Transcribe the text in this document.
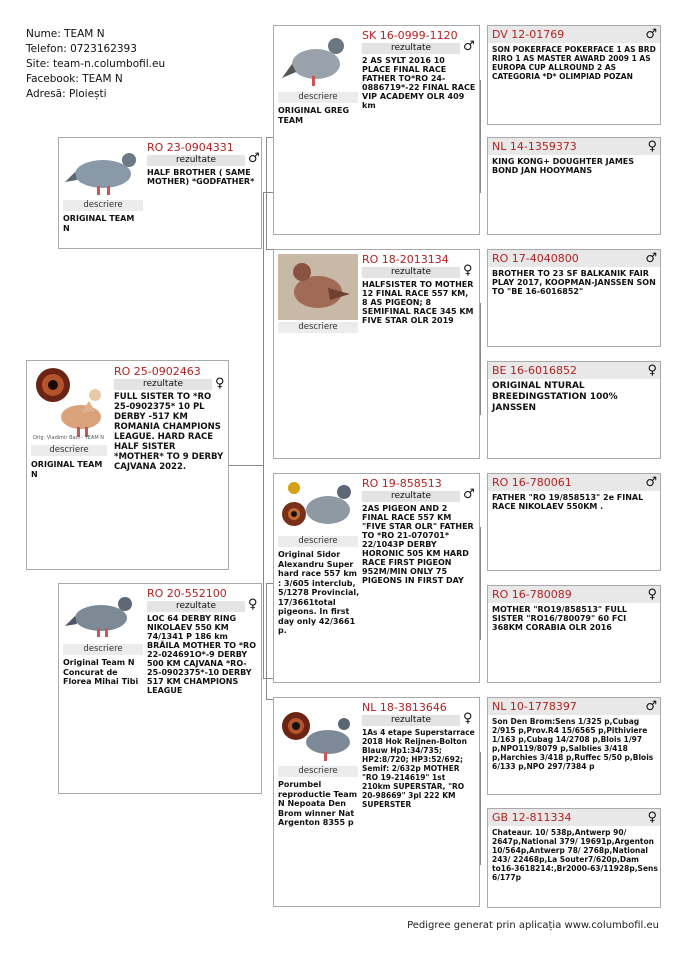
Nume: TEAM N
Telefon: 0723162393
Site: team-n.columbofil.eu
Facebook: TEAM N
Adresă: Ploiești
Orig. Vladimir Baci - TEAM N
descriere
ORIGINAL TEAM N
RO 25-0902463
rezultate	♀
FULL SISTER TO *RO 25-0902375* 10 PL DERBY -517 KM ROMANIA CHAMPIONS LEAGUE. HARD RACE HALF SISTER *MOTHER* TO 9 DERBY CAJVANA 2022.
descriere
ORIGINAL TEAM N
RO 23-0904331
rezultate	♂
HALF BROTHER ( SAME MOTHER) *GODFATHER*
descriere
Original Team N Concurat de Florea Mihai Tibi
RO 20-552100
rezultate	♀
LOC 64 DERBY RING NIKOLAEV 550 KM 74/1341 P 186 km BRĂILA MOTHER TO *RO 22-024691O*-9 DERBY 500 KM CAJVANA *RO-25-0902375*-10 DERBY 517 KM CHAMPIONS LEAGUE
descriere
ORIGINAL GREG TEAM
SK 16-0999-1120
rezultate	♂
2 AS SYLT 2016 10 PLACE FINAL RACE FATHER TO*RO 24-0886719*-22 FINAL RACE VIP ACADEMY OLR 409 km
descriere
RO 18-2013134
rezultate	♀
HALFSISTER TO MOTHER 12 FINAL RACE 557 KM, 8 AS PIGEON; 8 SEMIFINAL RACE 345 KM FIVE STAR OLR 2019
descriere
Original Sidor Alexandru Super hard race 557 km : 3/605 interclub, 5/1278 Provincial, 17/3661total pigeons. In first day only 42/3661 p.
RO 19-858513
rezultate	♂
2AS PIGEON AND 2 FINAL RACE 557 KM "FIVE STAR OLR" FATHER TO *RO 21-070701* 22/1043P DERBY HORONIC 505 KM HARD RACE FIRST PIGEON 952M/MIN ONLY 75 PIGEONS IN FIRST DAY
descriere
Porumbel reproductie Team N Nepoata Den Brom winner Nat Argenton 8355 p
NL 18-3813646
rezultate	♀
1As 4 etape Superstarrace 2018 Hok Reijnen-Bolton Blauw Hp1:34/735; HP2:8/720; HP3:52/692; Semif: 2/632p MOTHER "RO 19-214619" 1st 210km SUPERSTAR, "RO 20-98669" 3pl 222 KM SUPERSTER
DV 12-01769	♂
SON POKERFACE POKERFACE 1 AS BRD RIRO 1 AS MASTER AWARD 2009 1 AS EUROPA CUP ALLROUND 2 AS CATEGORIA *D* OLIMPIAD POZAN
NL 14-1359373	♀
KING KONG+ DOUGHTER JAMES BOND JAN HOOYMANS
RO 17-4040800	♂
BROTHER TO 23 SF BALKANIK FAIR PLAY 2017, KOOPMAN-JANSSEN SON TO "BE 16-6016852"
BE 16-6016852	♀
ORIGINAL NTURAL BREEDINGSTATION 100% JANSSEN
RO 16-780061	♂
FATHER "RO 19/858513" 2e FINAL RACE NIKOLAEV 550KM .
RO 16-780089	♀
MOTHER "RO19/858513" FULL SISTER "RO16/780079" 60 FCI 368KM CORABIA OLR 2016
NL 10-1778397	♂
Son Den Brom:Sens 1/325 p,Cubag 2/915 p,Prov.R4 15/6565 p,Pithiviere 1/163 p,Cubag 14/2708 p,Blois 1/97 p,NPO119/8079 p,Salblies 3/418 p,Harchies 3/418 p,Ruffec 5/50 p,Blois 6/133 p,NPO 297/7384 p
GB 12-811334	♀
Chateaur. 10/ 538p,Antwerp 90/ 2647p,National 379/ 19691p,Argenton 10/564p,Antwerp 78/ 2768p,National 243/ 22468p,La Souter7/620p,Dam to16-3618214:,Br2000-63/11928p,Sens 6/177p
Pedigree generat prin aplicația www.columbofil.eu
